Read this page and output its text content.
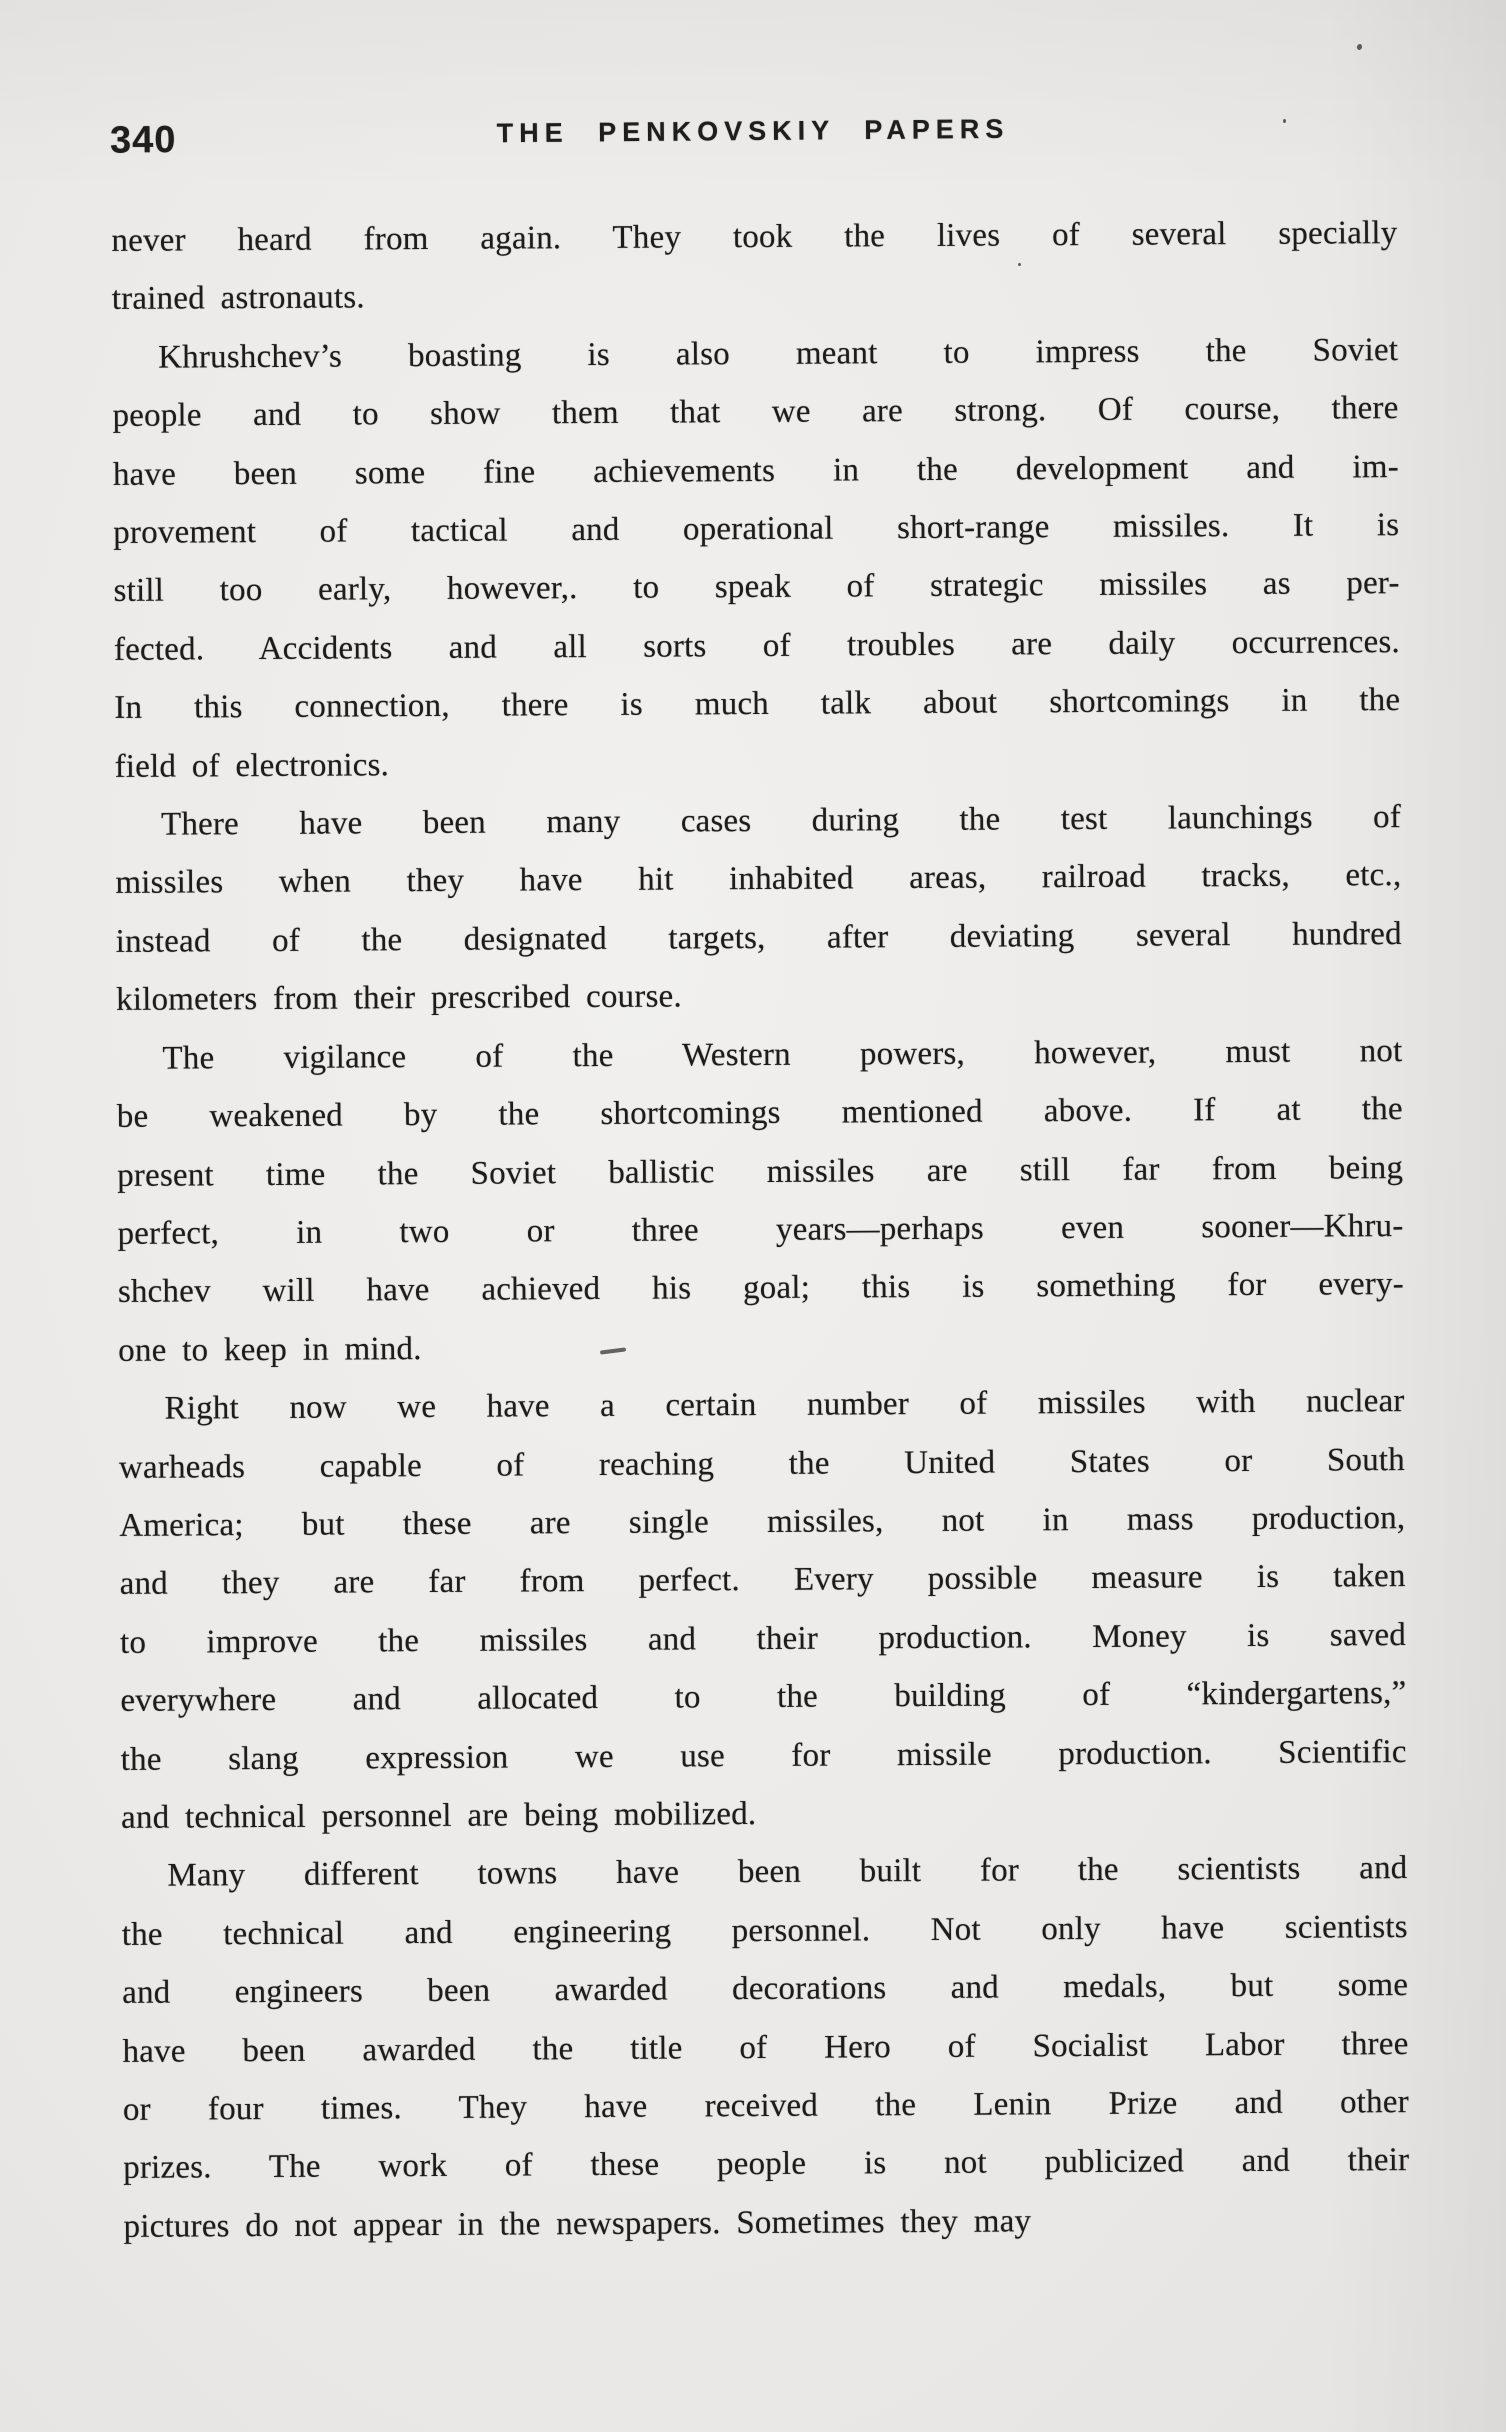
340	THE PENKOVSKIY PAPERS
never heard from again. They took the lives of several specially
trained astronauts.
Khrushchev’s boasting is also meant to impress the Soviet
people and to show them that we are strong. Of course, there
have been some fine achievements in the development and im-
provement of tactical and operational short-range missiles. It is
still too early, however,. to speak of strategic missiles as per-
fected. Accidents and all sorts of troubles are daily occurrences.
In this connection, there is much talk about shortcomings in the
field of electronics.
There have been many cases during the test launchings of
missiles when they have hit inhabited areas, railroad tracks, etc.,
instead of the designated targets, after deviating several hundred
kilometers from their prescribed course.
The vigilance of the Western powers, however, must not
be weakened by the shortcomings mentioned above. If at the
present time the Soviet ballistic missiles are still far from being
perfect, in two or three years—perhaps even sooner—Khru-
shchev will have achieved his goal; this is something for every-
one to keep in mind.
Right now we have a certain number of missiles with nuclear
warheads capable of reaching the United States or South
America; but these are single missiles, not in mass production,
and they are far from perfect. Every possible measure is taken
to improve the missiles and their production. Money is saved
everywhere and allocated to the building of “kindergartens,”
the slang expression we use for missile production. Scientific
and technical personnel are being mobilized.
Many different towns have been built for the scientists and
the technical and engineering personnel. Not only have scientists
and engineers been awarded decorations and medals, but some
have been awarded the title of Hero of Socialist Labor three
or four times. They have received the Lenin Prize and other
prizes. The work of these people is not publicized and their
pictures do not appear in the newspapers. Sometimes they may
